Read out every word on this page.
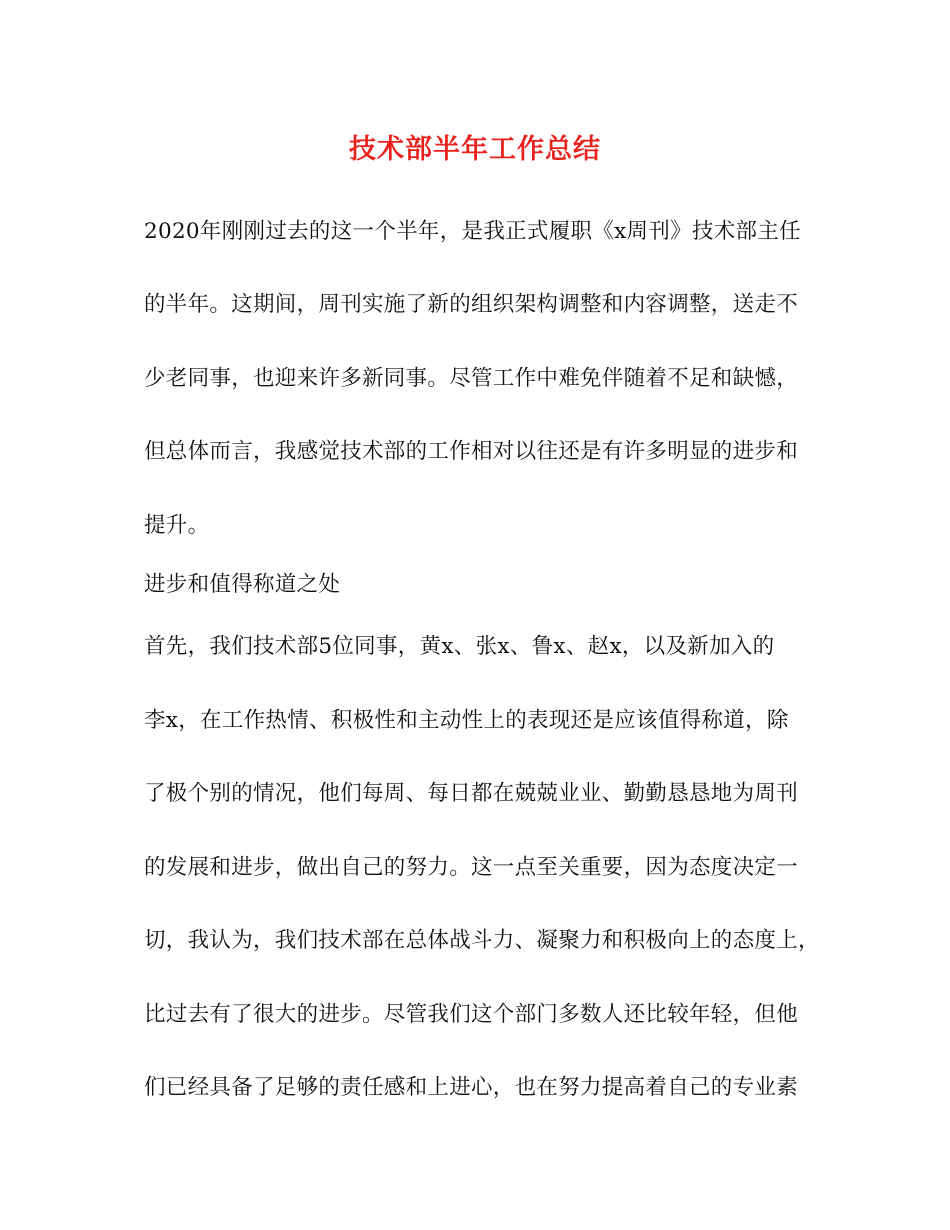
技术部半年工作总结
2020年刚刚过去的这一个半年，是我正式履职《x周刊》技术部主任
的半年。这期间，周刊实施了新的组织架构调整和内容调整，送走不
少老同事，也迎来许多新同事。尽管工作中难免伴随着不足和缺憾，
但总体而言，我感觉技术部的工作相对以往还是有许多明显的进步和
提升。
进步和值得称道之处
首先，我们技术部5位同事，黄x、张x、鲁x、赵x，以及新加入的
李x，在工作热情、积极性和主动性上的表现还是应该值得称道，除
了极个别的情况，他们每周、每日都在兢兢业业、勤勤恳恳地为周刊
的发展和进步，做出自己的努力。这一点至关重要，因为态度决定一
切，我认为，我们技术部在总体战斗力、凝聚力和积极向上的态度上，
比过去有了很大的进步。尽管我们这个部门多数人还比较年轻，但他
们已经具备了足够的责任感和上进心，也在努力提高着自己的专业素
